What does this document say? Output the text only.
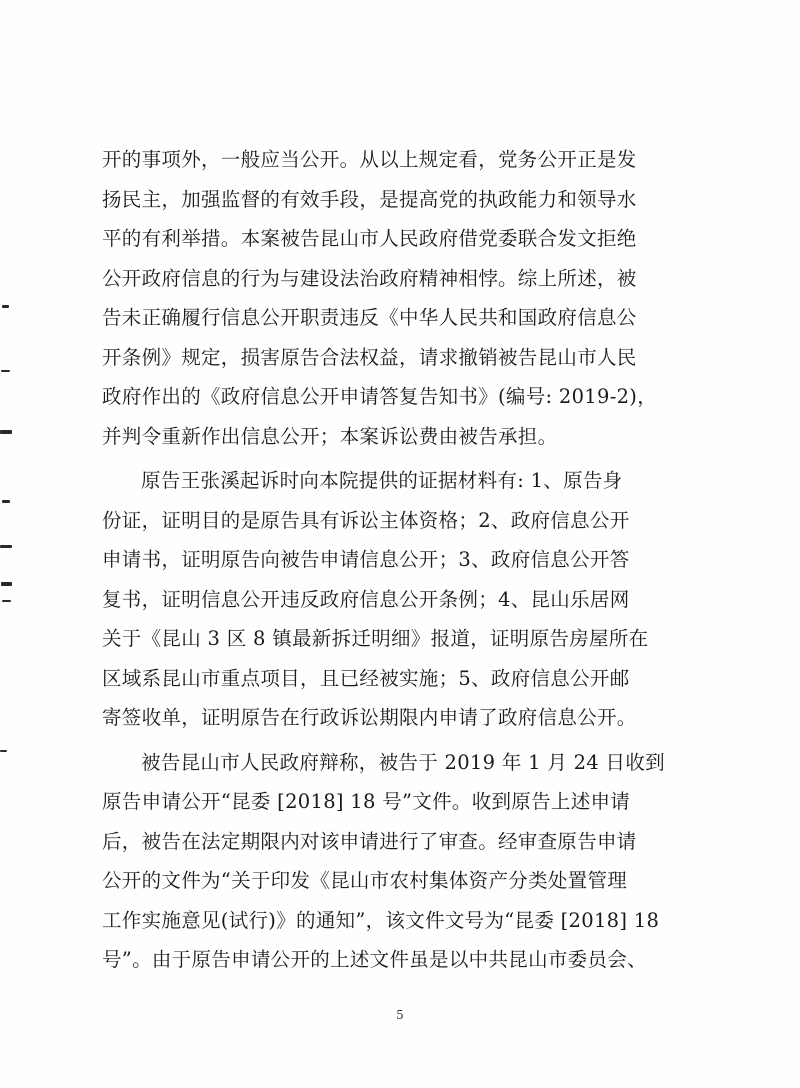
开的事项外，一般应当公开。从以上规定看，党务公开正是发
扬民主，加强监督的有效手段，是提高党的执政能力和领导水
平的有利举措。本案被告昆山市人民政府借党委联合发文拒绝
公开政府信息的行为与建设法治政府精神相悖。综上所述，被
告未正确履行信息公开职责违反《中华人民共和国政府信息公
开条例》规定，损害原告合法权益，请求撤销被告昆山市人民
政府作出的《政府信息公开申请答复告知书》(编号: 2019-2)，
并判令重新作出信息公开；本案诉讼费由被告承担。
原告王张溪起诉时向本院提供的证据材料有: 1、原告身
份证，证明目的是原告具有诉讼主体资格；2、政府信息公开
申请书，证明原告向被告申请信息公开；3、政府信息公开答
复书，证明信息公开违反政府信息公开条例；4、昆山乐居网
关于《昆山 3 区 8 镇最新拆迁明细》报道，证明原告房屋所在
区域系昆山市重点项目，且已经被实施；5、政府信息公开邮
寄签收单，证明原告在行政诉讼期限内申请了政府信息公开。
被告昆山市人民政府辩称，被告于 2019 年 1 月 24 日收到
原告申请公开“昆委 [2018] 18 号”文件。收到原告上述申请
后，被告在法定期限内对该申请进行了审查。经审查原告申请
公开的文件为“关于印发《昆山市农村集体资产分类处置管理
工作实施意见(试行)》的通知”，该文件文号为“昆委 [2018] 18
号”。由于原告申请公开的上述文件虽是以中共昆山市委员会、
5
